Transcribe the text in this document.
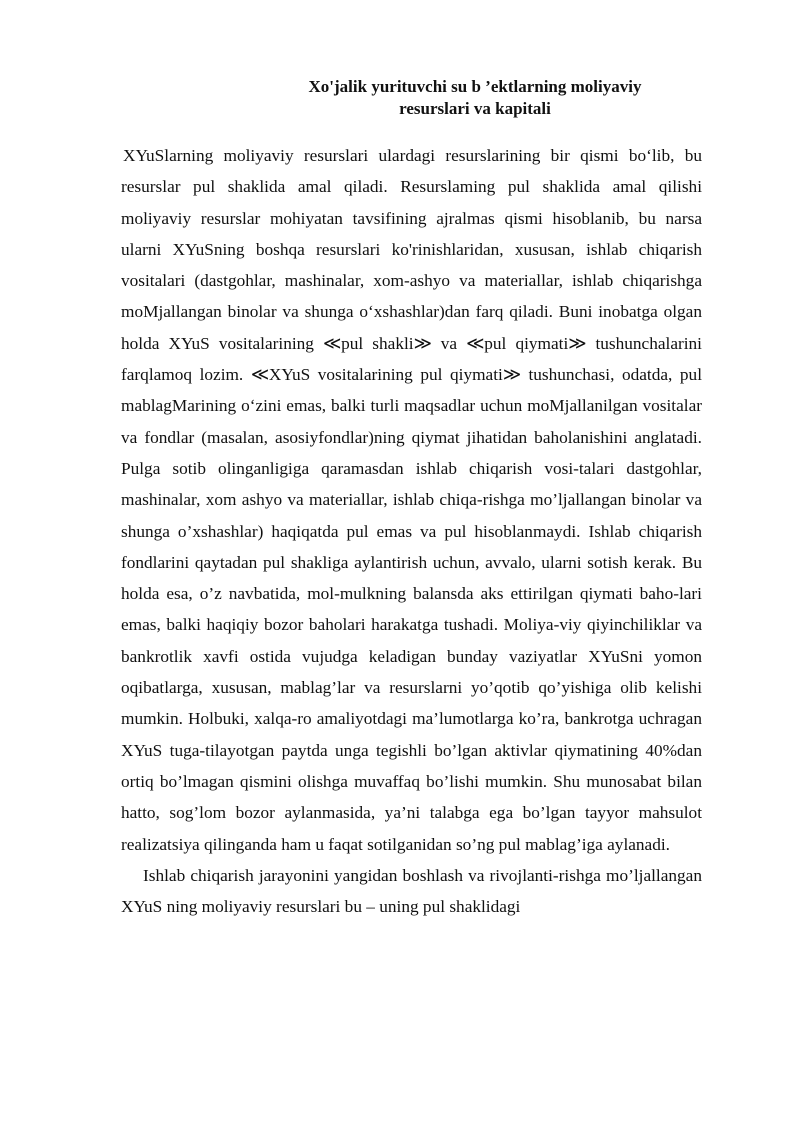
Xo'jalik yurituvchi su b ’ektlarning moliyaviy
resurslari va kapitali

XYuSlarning moliyaviy resurslari ulardagi resurslarining bir qismi bo‘lib, bu resurslar pul shaklida amal qiladi. Resurslaming pul shaklida amal qilishi moliyaviy resurslar mohiyatan tavsifining ajralmas qismi hisoblanib, bu narsa ularni XYuSning boshqa resurslari ko'rinishlaridan, xususan, ishlab chiqarish vositalari (dastgohlar, mashinalar, xom-ashyo va materiallar, ishlab chiqarishga moMjallangan binolar va shunga o‘xshashlar)dan farq qiladi. Buni inobatga olgan holda XYuS vositalarining ≪pul shakli≫ va ≪pul qiymati≫ tushunchalarini farqlamoq lozim. ≪XYuS vositalarining pul qiymati≫ tushunchasi, odatda, pul mablagMarining o‘zini emas, balki turli maqsadlar uchun moMjallanilgan vositalar va fondlar (masalan, asosiyfondlar)ning qiymat jihatidan baholanishini anglatadi. Pulga sotib olinganligiga qaramasdan ishlab chiqarish vosi-talari dastgohlar, mashinalar, xom ashyo va materiallar, ishlab chiqa-rishga mo’ljallangan binolar va shunga o’xshashlar) haqiqatda pul emas va pul hisoblanmaydi. Ishlab chiqarish fondlarini qaytadan pul shakliga aylantirish uchun, avvalo, ularni sotish kerak. Bu holda esa, o’z navbatida, mol-mulkning balansda aks ettirilgan qiymati baho-lari emas, balki haqiqiy bozor baholari harakatga tushadi. Moliya-viy qiyinchiliklar va bankrotlik xavfi ostida vujudga keladigan bunday vaziyatlar XYuSni yomon oqibatlarga, xususan, mablag’lar va resurslarni yo’qotib qo’yishiga olib kelishi mumkin. Holbuki, xalqa-ro amaliyotdagi ma’lumotlarga ko’ra, bankrotga uchragan XYuS tuga-tilayotgan paytda unga tegishli bo’lgan aktivlar qiymatining 40%dan ortiq bo’lmagan qismini olishga muvaffaq bo’lishi mumkin. Shu munosabat bilan hatto, sog’lom bozor aylanmasida, ya’ni talabga ega bo’lgan tayyor mahsulot realizatsiya qilinganda ham u faqat sotilganidan so’ng pul mablag’iga aylanadi.

Ishlab chiqarish jarayonini yangidan boshlash va rivojlanti-rishga mo’ljallangan XYuS ning moliyaviy resurslari bu – uning pul shaklidagi
